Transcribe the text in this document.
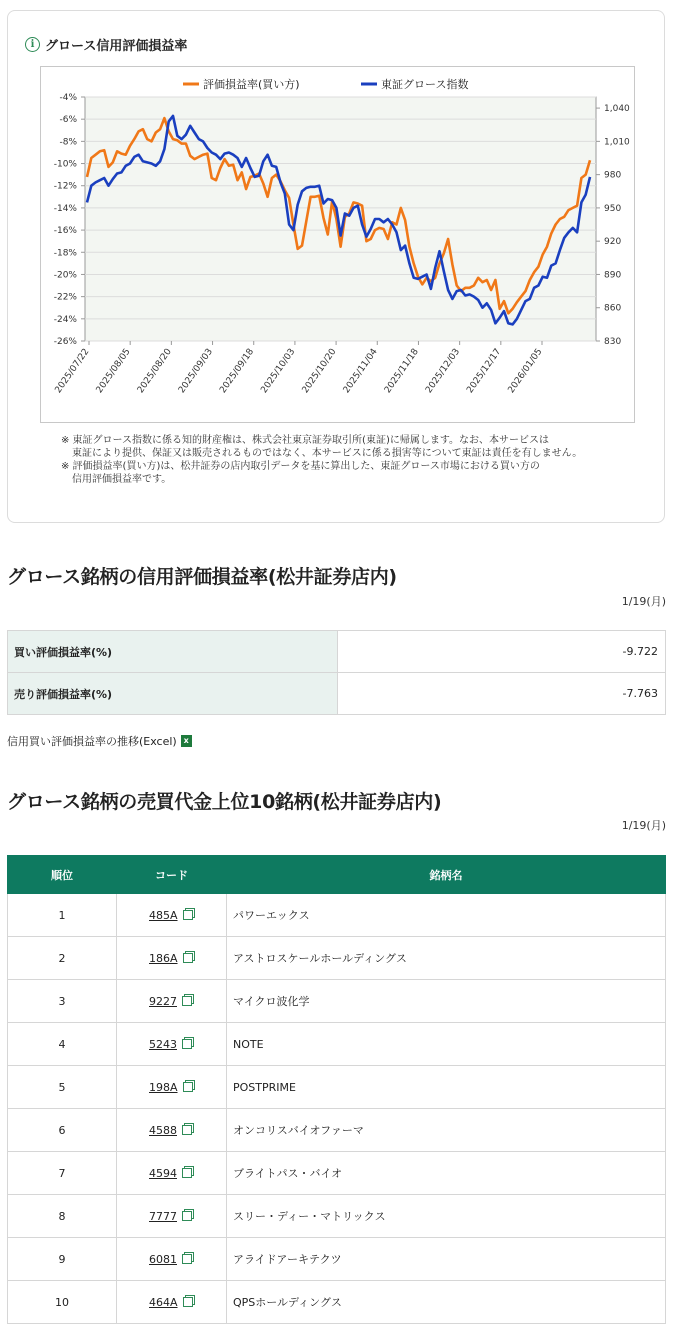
i グロース信用評価損益率
-4%
-6%
-8%
-10%
-12%
-14%
-16%
-18%
-20%
-22%
-24%
-26%
1,040
1,010
980
950
920
890
860
830
2025/07/22 2025/08/05 2025/08/20 2025/09/03 2025/09/18 2025/10/03 2025/10/20 2025/11/04 2025/11/18 2025/12/03 2025/12/17 2026/01/05
評価損益率(買い方)	東証グロース指数
※ 東証グロース指数に係る知的財産権は、株式会社東京証券取引所(東証)に帰属します。なお、本サービスは
東証により提供、保証又は販売されるものではなく、本サービスに係る損害等について東証は責任を有しません。
※ 評価損益率(買い方)は、松井証券の店内取引データを基に算出した、東証グロース市場における買い方の
信用評価損益率です。
グロース銘柄の信用評価損益率(松井証券店内)
1/19(月)
買い評価損益率(%)	-9.722
売り評価損益率(%)	-7.763
信用買い評価損益率の推移(Excel) x
グロース銘柄の売買代金上位10銘柄(松井証券店内)
1/19(月)
順位	コード	銘柄名
1	485A	パワーエックス
2	186A	アストロスケールホールディングス
3	9227	マイクロ波化学
4	5243	NOTE
5	198A	POSTPRIME
6	4588	オンコリスバイオファーマ
7	4594	ブライトパス・バイオ
8	7777	スリー・ディー・マトリックス
9	6081	アライドアーキテクツ
10	464A	QPSホールディングス
